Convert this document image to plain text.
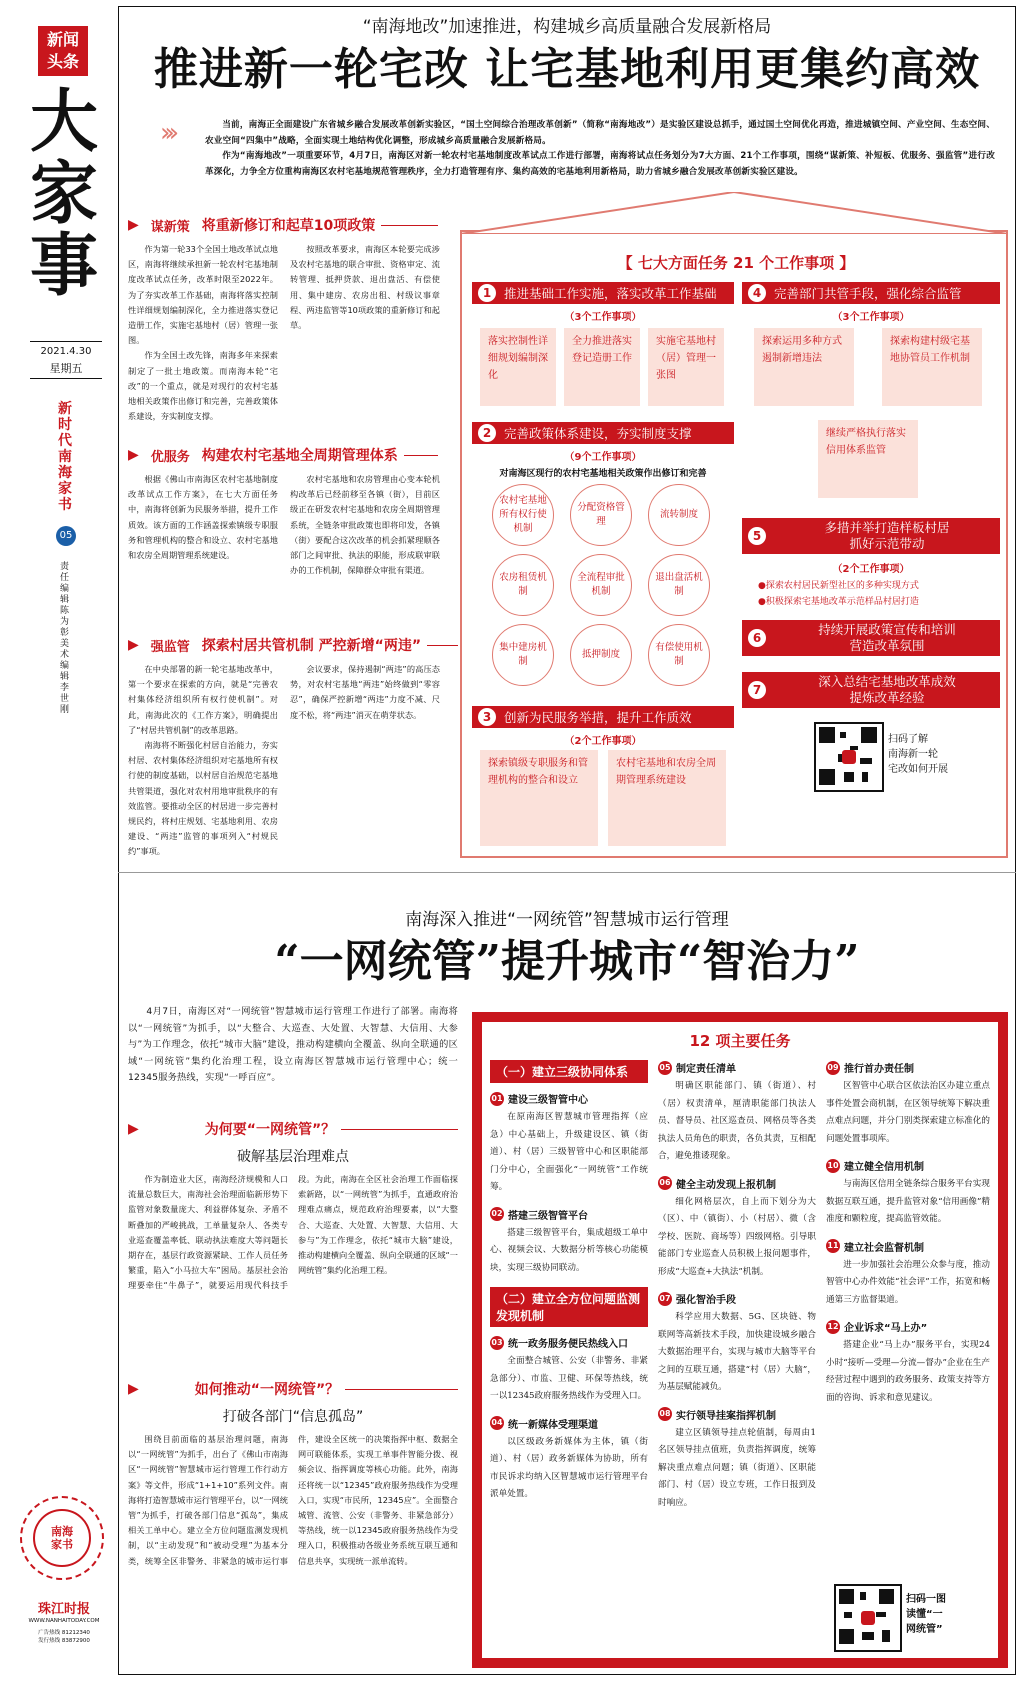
新闻
头条
大
家
事
2021.4.30
星期五
新时代南海家书
05
责任编辑 陈为彰 美术编辑 李世刚
南海家书
珠江时报
WWW.NANHAITODAY.COM
广告热线 81212340
发行热线 83872900
“南海地改”加速推进，构建城乡高质量融合发展新格局
推进新一轮宅改 让宅基地利用更集约高效
›››	当前，南海正全面建设广东省城乡融合发展改革创新实验区，“国土空间综合治理改革创新”（简称“南海地改”）是实验区建设总抓手，通过国土空间优化再造，推进城镇空间、产业空间、生态空间、农业空间“四集中”战略，全面实现土地结构优化调整，形成城乡高质量融合发展新格局。

作为“南海地改”一项重要环节，4月7日，南海区对新一轮农村宅基地制度改革试点工作进行部署，南海将试点任务划分为7大方面、21个工作事项，围绕“谋新策、补短板、优服务、强监管”进行改革深化，力争全方位重构南海区农村宅基地规范管理秩序，全力打造管理有序、集约高效的宅基地利用新格局，助力省城乡融合发展改革创新实验区建设。

▶ 谋新策 将重新修订和起草10项政策

作为第一轮33个全国土地改革试点地区，南海将继续承担新一轮农村宅基地制度改革试点任务，改革时限至2022年。为了夯实改革工作基础，南海将落实控制性详细规划编制深化，全力推进落实登记造册工作，实施宅基地村（居）管理一张图。

作为全国土改先锋，南海多年来探索制定了一批土地政策。而南海本轮“宅改”的一个重点，就是对现行的农村宅基地相关政策作出修订和完善，完善政策体系建设，夯实制度支撑。

按照改革要求，南海区本轮要完成涉及农村宅基地的联合审批、资格审定、流转管理、抵押贷款、退出盘活、有偿使用、集中建房、农房出租、村级议事章程、两违监管等10项政策的重新修订和起草。

▶ 优服务 构建农村宅基地全周期管理体系

根据《佛山市南海区农村宅基地制度改革试点工作方案》，在七大方面任务中，南海将创新为民服务举措，提升工作质效。该方面的工作涵盖探索镇级专职服务和管理机构的整合和设立、农村宅基地和农房全周期管理系统建设。

农村宅基地和农房管理由心变本轮机构改革后已经前移至各镇（街），目前区级正在研发农村宅基地和农房全周期管理系统，全链条审批政策也即将印发，各镇（街）要配合这次改革的机会抓紧理顺各部门之间审批、执法的职能，形成联审联办的工作机制，保障群众审批有渠道。

▶ 强监管 探索村居共管机制 严控新增“两违”

在中央部署的新一轮宅基地改革中，第一个要求在探索的方向，就是“完善农村集体经济组织所有权行使机制”。对此，南海此次的《工作方案》，明确提出了“村居共管机制”的改革思路。

南海将不断强化村居自治能力，夯实村居、农村集体经济组织对宅基地所有权行使的制度基础，以村居自治规范宅基地共管渠道，强化对农村用地审批秩序的有效监管。要推动全区的村居进一步完善村规民约，将村庄规划、宅基地利用、农房建设、“两违”监管的事项列入“村规民约”事项。

会议要求，保持遏制“两违”的高压态势，对农村宅基地“两违”始终做到“零容忍”，确保严控新增“两违”力度不减、尺度不松，将“两违”消灭在萌芽状态。

【 七大方面任务 21 个工作事项 】
1	推进基础工作实施，落实改革工作基础
（3个工作事项）
落实控制性详细规划编制深化
全力推进落实登记造册工作
实施宅基地村（居）管理一张图
2	完善政策体系建设，夯实制度支撑
（9个工作事项）
对南海区现行的农村宅基地相关政策作出修订和完善
农村宅基地所有权行使机制
分配资格管理
流转制度
农房租赁机制
全流程审批机制
退出盘活机制
集中建房机制
抵押制度
有偿使用机制
3	创新为民服务举措，提升工作质效
（2个工作事项）
探索镇级专职服务和管理机构的整合和设立
农村宅基地和农房全周期管理系统建设
4	完善部门共管手段，强化综合监管
（3个工作事项）
探索运用多种方式遏制新增违法
探索构建村级宅基地协管员工作机制
继续严格执行落实信用体系监管
5
多措并举打造样板村居
抓好示范带动
（2个工作事项）
●探索农村居民新型社区的多种实现方式
●积极探索宅基地改革示范样品村居打造
6
持续开展政策宣传和培训
营造改革氛围
7
深入总结宅基地改革成效
提炼改革经验
扫码了解
南海新一轮
宅改如何开展
南海深入推进“一网统管”智慧城市运行管理
“一网统管”提升城市“智治力”

4月7日，南海区对“一网统管”智慧城市运行管理工作进行了部署。南海将以“一网统管”为抓手，以“大整合、大巡查、大处置、大智慧、大信用、大参与”为工作理念，依托“城市大脑”建设，推动构建横向全覆盖、纵向全联通的区域“一网统管”集约化治理工程，设立南海区智慧城市运行管理中心；统一12345服务热线，实现“一呼百应”。

▶	为何要“一网统管”？
破解基层治理难点

作为制造业大区，南海经济规模和人口流量总数巨大，南海社会治理面临新形势下监管对象数量庞大、利益群体复杂、矛盾不断叠加的严峻挑战，工单量复杂人、各类专业巡查覆盖率低、联动执法难度大等问题长期存在，基层行政资源紧缺、工作人员任务繁重，陷入“小马拉大车”困局。基层社会治理要牵住“牛鼻子”，就要运用现代科技手段。为此，南海在全区社会治理工作面临探索新路，以“一网统管”为抓手，直通政府治理难点痛点，规范政府治理要素，以“大整合、大巡查、大处置、大智慧、大信用、大参与”为工作理念，依托“城市大脑”建设，推动构建横向全覆盖、纵向全联通的区域“一网统管”集约化治理工程。

▶	如何推动“一网统管”？
打破各部门“信息孤岛”

围绕目前面临的基层治理问题，南海以“一网统管”为抓手，出台了《佛山市南海区“一网统管”智慧城市运行管理工作行动方案》等文件，形成“1+1+10”系列文件。南海将打造智慧城市运行管理平台，以“一网统管”为抓手，打破各部门信息“孤岛”，集成相关工单中心。建立全方位问题监测发现机制，以“主动发现”和“被动受理”为基本分类，统筹全区非警务、非紧急的城市运行事件，建设全区统一的决策指挥中枢、数据全网可联能体系，实现工单事件智能分拨、视频会议、指挥调度等核心功能。此外，南海还将统一以“12345”政府服务热线作为受理入口，实现“市民所，12345应”。全面整合城管、流管、公安（非警务、非紧急部分）等热线，统一以12345政府服务热线作为受理入口，积极推动各级业务系统互联互通和信息共享，实现统一派单流转。

12 项主要任务
（一）建立三级协同体系
01 建设三级智管中心

在原南海区智慧城市管理指挥（应急）中心基础上，升级建设区、镇（街道）、村（居）三级智管中心和区职能部门分中心，全面强化“一网统管”工作统筹。

02 搭建三级智管平台

搭建三级智管平台，集成超级工单中心、视频会议、大数据分析等核心功能模块，实现三级协同联动。

（二）建立全方位问题监测发现机制
03 统一政务服务便民热线入口

全面整合城管、公安（非警务、非紧急部分）、市监、卫健、环保等热线，统一以12345政府服务热线作为受理入口。

04 统一新媒体受理渠道

以区级政务新媒体为主体，镇（街道）、村（居）政务新媒体为协助，所有市民诉求均纳入区智慧城市运行管理平台派单处置。

05 制定责任清单

明确区职能部门、镇（街道）、村（居）权责清单，厘清职能部门执法人员、督导员、社区巡查员、网格员等各类执法人员角色的职责，各负其责，互相配合，避免推诿现象。

06 健全主动发现上报机制

细化网格层次，自上而下划分为大（区）、中（镇街）、小（村居）、微（含学校、医院、商场等）四级网格。引导职能部门专业巡查人员积极上报问题事件，形成“大巡查+大执法”机制。

07 强化智治手段

科学应用大数据、5G、区块链、物联网等高新技术手段，加快建设城乡融合大数据治理平台，实现与城市大脑等平台之间的互联互通，搭建“村（居）大脑”，为基层赋能减负。

08 实行领导挂案指挥机制

建立区镇领导挂点轮值制，每周由1名区领导挂点值班，负责指挥调度，统筹解决重点难点问题；镇（街道）、区职能部门、村（居）设立专班，工作日报到及时响应。

09 推行首办责任制

区智管中心联合区依法治区办建立重点事件处置会商机制，在区领导统筹下解决重点难点问题，并分门别类探索建立标准化的问题处置事项库。

10 建立健全信用机制

与南海区信用全链条综合服务平台实现数据互联互通，提升监管对象“信用画像”精准度和颗粒度，提高监管效能。

11 建立社会监督机制

进一步加强社会治理公众参与度，推动智管中心办件效能“社会评”工作，拓宽和畅通第三方监督渠道。

12 企业诉求“马上办”

搭建企业“马上办”服务平台，实现24小时“接听—受理—分流—督办”企业在生产经营过程中遇到的政务服务、政策支持等方面的咨询、诉求和意见建议。

扫码一图
读懂“一
网统管”
